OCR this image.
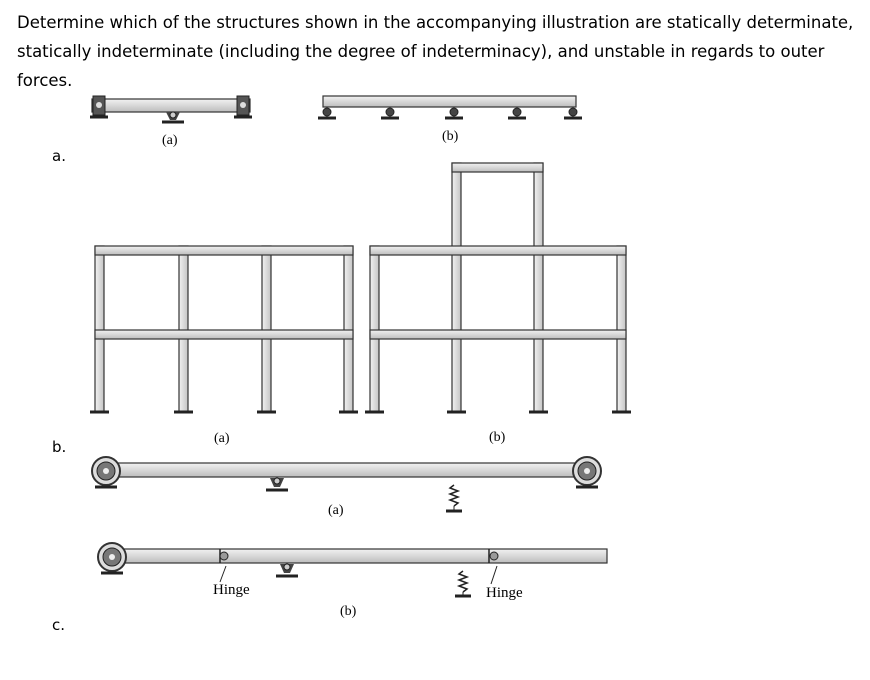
Determine which of the structures shown in the accompanying illustration are statically determinate, statically indeterminate (including the degree of indeterminacy), and unstable in regards to outer forces.
a.
b.
c.
(a)	(b)
(a)	(b)
(a)
(b)
Hinge	Hinge
